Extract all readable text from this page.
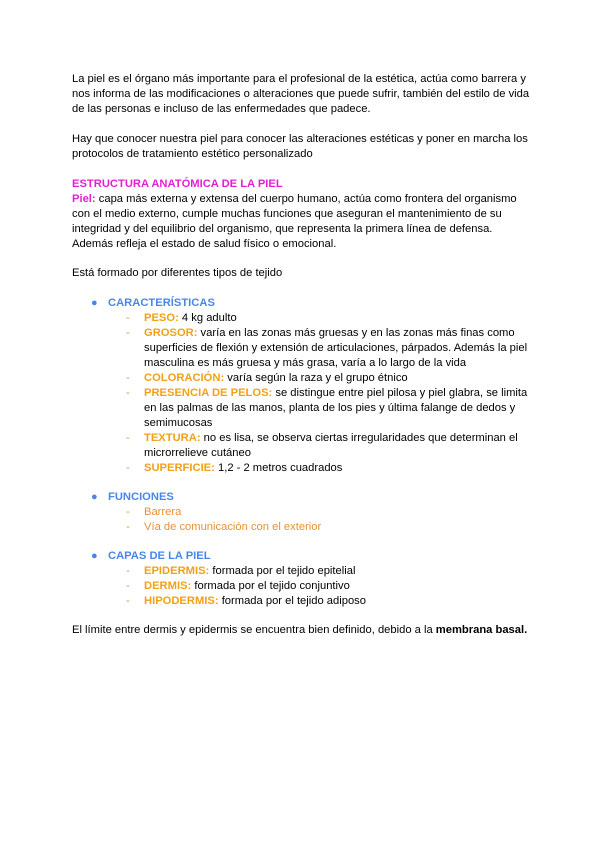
La piel es el órgano más importante para el profesional de la estética, actúa como barrera y nos informa de las modificaciones o alteraciones que puede sufrir, también del estilo de vida de las personas e incluso de las enfermedades que padece.

Hay que conocer nuestra piel para conocer las alteraciones estéticas y poner en marcha los protocolos de tratamiento estético personalizado

ESTRUCTURA ANATÓMICA DE LA PIEL

Piel: capa más externa y extensa del cuerpo humano, actúa como frontera del organismo con el medio externo, cumple muchas funciones que aseguran el mantenimiento de su integridad y del equilibrio del organismo, que representa la primera línea de defensa. Además refleja el estado de salud físico o emocional.

Está formado por diferentes tipos de tejido

● CARACTERÍSTICAS
- PESO: 4 kg adulto
- GROSOR: varía en las zonas más gruesas y en las zonas más finas como superficies de flexión y extensión de articulaciones, párpados. Además la piel masculina es más gruesa y más grasa, varía a lo largo de la vida
- COLORACIÓN: varía según la raza y el grupo étnico
- PRESENCIA DE PELOS: se distingue entre piel pilosa y piel glabra, se limita en las palmas de las manos, planta de los pies y última falange de dedos y semimucosas
- TEXTURA: no es lisa, se observa ciertas irregularidades que determinan el microrrelieve cutáneo
- SUPERFICIE: 1,2 - 2 metros cuadrados
● FUNCIONES
- Barrera
- Vía de comunicación con el exterior
● CAPAS DE LA PIEL
- EPIDERMIS: formada por el tejido epitelial
- DERMIS: formada por el tejido conjuntivo
- HIPODERMIS: formada por el tejido adiposo

El límite entre dermis y epidermis se encuentra bien definido, debido a la membrana basal.
